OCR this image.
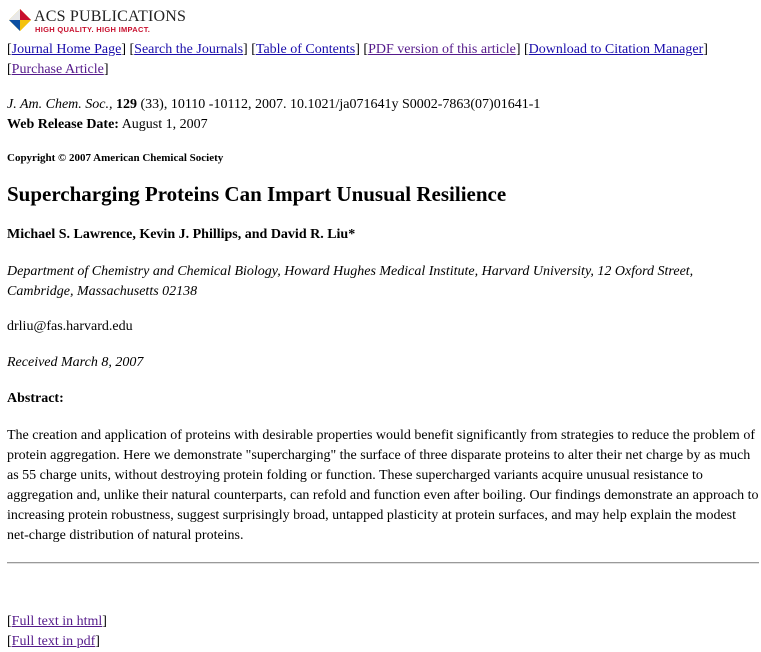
ACS PUBLICATIONS
HIGH QUALITY. HIGH IMPACT.
[Journal Home Page] [Search the Journals] [Table of Contents] [PDF version of this article] [Download to Citation Manager] [Purchase Article]
J. Am. Chem. Soc., 129 (33), 10110 -10112, 2007. 10.1021/ja071641y S0002-7863(07)01641-1
Web Release Date: August 1, 2007
Copyright © 2007 American Chemical Society
Supercharging Proteins Can Impart Unusual Resilience
Michael S. Lawrence, Kevin J. Phillips, and David R. Liu*
Department of Chemistry and Chemical Biology, Howard Hughes Medical Institute, Harvard University, 12 Oxford Street, Cambridge, Massachusetts 02138
drliu@fas.harvard.edu
Received March 8, 2007
Abstract:
The creation and application of proteins with desirable properties would benefit significantly from strategies to reduce the problem of protein aggregation. Here we demonstrate "supercharging" the surface of three disparate proteins to alter their net charge by as much as 55 charge units, without destroying protein folding or function. These supercharged variants acquire unusual resistance to aggregation and, unlike their natural counterparts, can refold and function even after boiling. Our findings demonstrate an approach to increasing protein robustness, suggest surprisingly broad, untapped plasticity at protein surfaces, and may help explain the modest net-charge distribution of natural proteins.
[Full text in html]
[Full text in pdf]
